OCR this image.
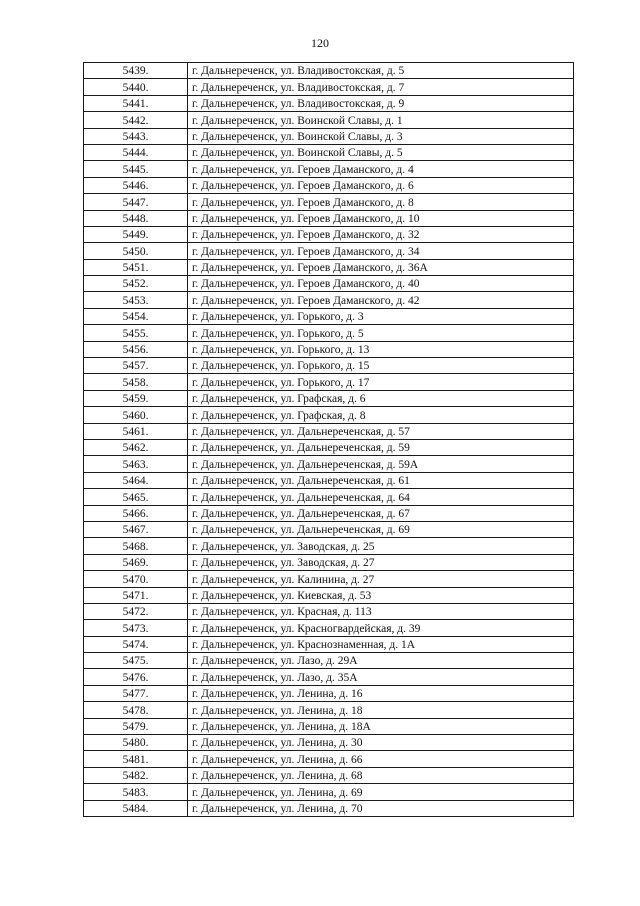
120
5439.	г. Дальнереченск, ул. Владивостокская, д. 5
5440.	г. Дальнереченск, ул. Владивостокская, д. 7
5441.	г. Дальнереченск, ул. Владивостокская, д. 9
5442.	г. Дальнереченск, ул. Воинской Славы, д. 1
5443.	г. Дальнереченск, ул. Воинской Славы, д. 3
5444.	г. Дальнереченск, ул. Воинской Славы, д. 5
5445.	г. Дальнереченск, ул. Героев Даманского, д. 4
5446.	г. Дальнереченск, ул. Героев Даманского, д. 6
5447.	г. Дальнереченск, ул. Героев Даманского, д. 8
5448.	г. Дальнереченск, ул. Героев Даманского, д. 10
5449.	г. Дальнереченск, ул. Героев Даманского, д. 32
5450.	г. Дальнереченск, ул. Героев Даманского, д. 34
5451.	г. Дальнереченск, ул. Героев Даманского, д. 36А
5452.	г. Дальнереченск, ул. Героев Даманского, д. 40
5453.	г. Дальнереченск, ул. Героев Даманского, д. 42
5454.	г. Дальнереченск, ул. Горького, д. 3
5455.	г. Дальнереченск, ул. Горького, д. 5
5456.	г. Дальнереченск, ул. Горького, д. 13
5457.	г. Дальнереченск, ул. Горького, д. 15
5458.	г. Дальнереченск, ул. Горького, д. 17
5459.	г. Дальнереченск, ул. Графская, д. 6
5460.	г. Дальнереченск, ул. Графская, д. 8
5461.	г. Дальнереченск, ул. Дальнереченская, д. 57
5462.	г. Дальнереченск, ул. Дальнереченская, д. 59
5463.	г. Дальнереченск, ул. Дальнереченская, д. 59А
5464.	г. Дальнереченск, ул. Дальнереченская, д. 61
5465.	г. Дальнереченск, ул. Дальнереченская, д. 64
5466.	г. Дальнереченск, ул. Дальнереченская, д. 67
5467.	г. Дальнереченск, ул. Дальнереченская, д. 69
5468.	г. Дальнереченск, ул. Заводская, д. 25
5469.	г. Дальнереченск, ул. Заводская, д. 27
5470.	г. Дальнереченск, ул. Калинина, д. 27
5471.	г. Дальнереченск, ул. Киевская, д. 53
5472.	г. Дальнереченск, ул. Красная, д. 113
5473.	г. Дальнереченск, ул. Красногвардейская, д. 39
5474.	г. Дальнереченск, ул. Краснознаменная, д. 1А
5475.	г. Дальнереченск, ул. Лазо, д. 29А
5476.	г. Дальнереченск, ул. Лазо, д. 35А
5477.	г. Дальнереченск, ул. Ленина, д. 16
5478.	г. Дальнереченск, ул. Ленина, д. 18
5479.	г. Дальнереченск, ул. Ленина, д. 18А
5480.	г. Дальнереченск, ул. Ленина, д. 30
5481.	г. Дальнереченск, ул. Ленина, д. 66
5482.	г. Дальнереченск, ул. Ленина, д. 68
5483.	г. Дальнереченск, ул. Ленина, д. 69
5484.	г. Дальнереченск, ул. Ленина, д. 70
